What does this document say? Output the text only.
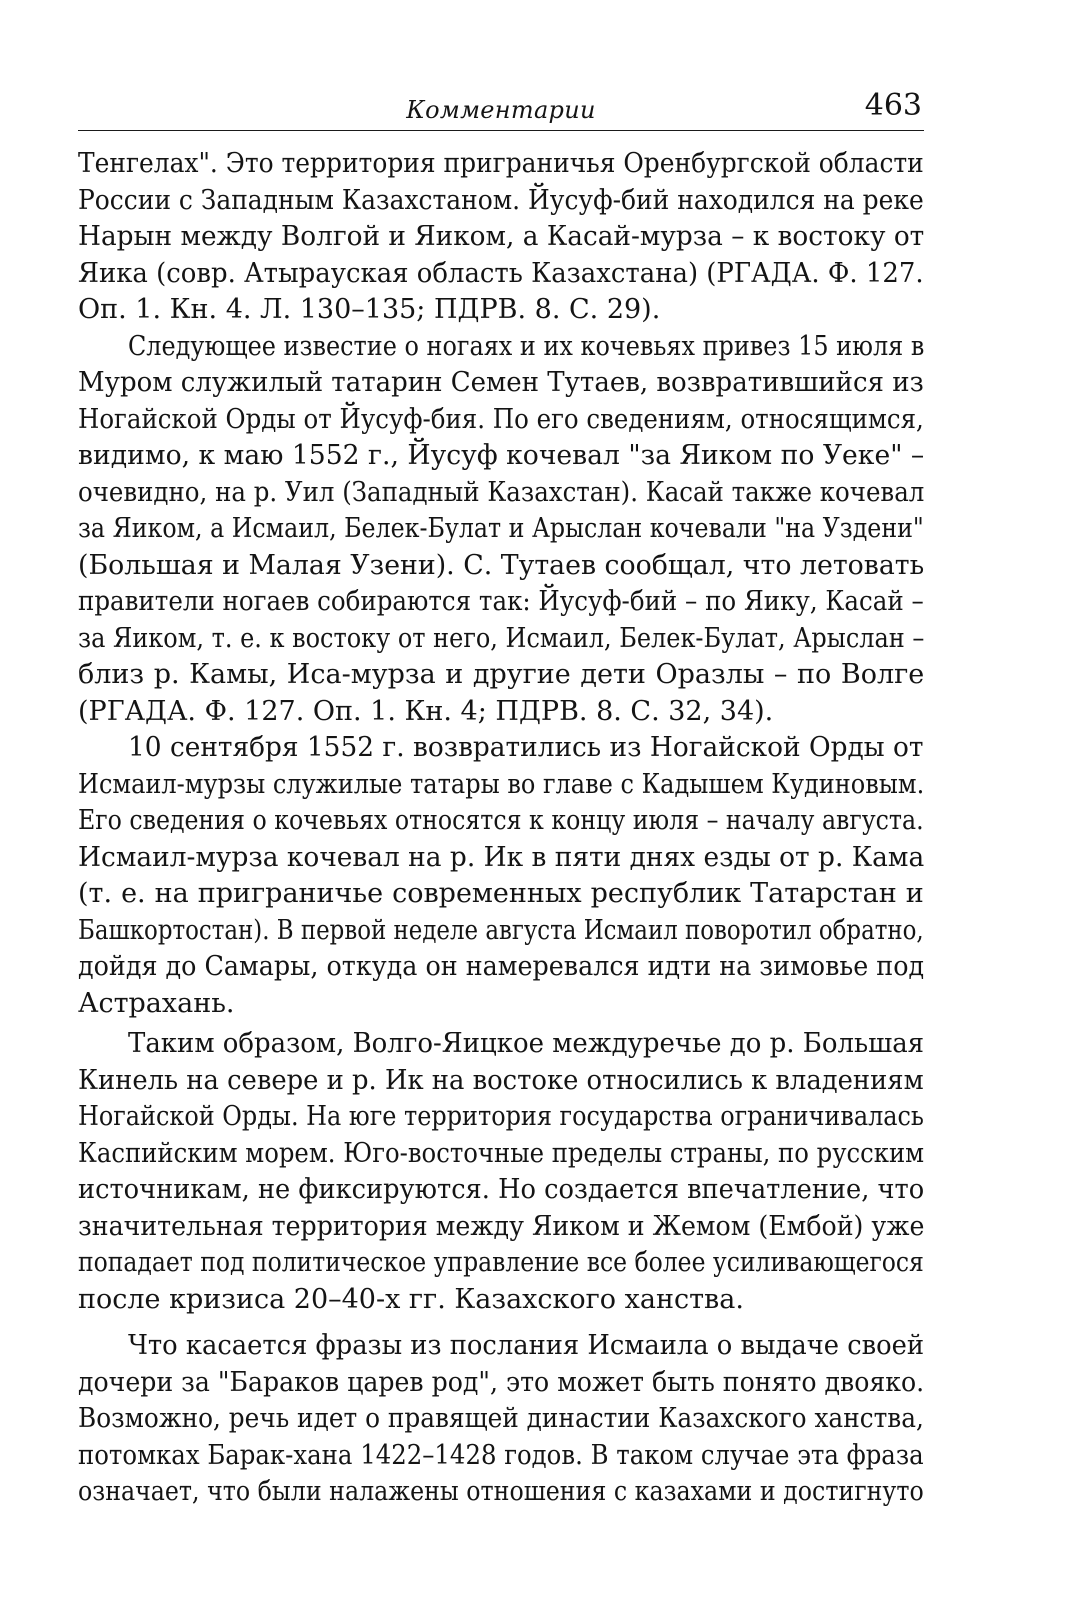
Комментарии	463
Тенгелах". Это территория приграничья Оренбургской области
России с Западным Казахстаном. Йусуф-бий находился на реке
Нарын между Волгой и Яиком, а Касай-мурза – к востоку от
Яика (совр. Атырауская область Казахстана) (РГАДА. Ф. 127.
Оп. 1. Кн. 4. Л. 130–135; ПДРВ. 8. С. 29).
Следующее известие о ногаях и их кочевьях привез 15 июля в
Муром служилый татарин Семен Тутаев, возвратившийся из
Ногайской Орды от Йусуф-бия. По его сведениям, относящимся,
видимо, к маю 1552 г., Йусуф кочевал "за Яиком по Уеке" –
очевидно, на р. Уил (Западный Казахстан). Касай также кочевал
за Яиком, а Исмаил, Белек-Булат и Арыслан кочевали "на Уздени"
(Большая и Малая Узени). С. Тутаев сообщал, что летовать
правители ногаев собираются так: Йусуф-бий – по Яику, Касай –
за Яиком, т. е. к востоку от него, Исмаил, Белек-Булат, Арыслан –
близ р. Камы, Иса-мурза и другие дети Оразлы – по Волге
(РГАДА. Ф. 127. Оп. 1. Кн. 4; ПДРВ. 8. С. 32, 34).
10 сентября 1552 г. возвратились из Ногайской Орды от
Исмаил-мурзы служилые татары во главе с Кадышем Кудиновым.
Его сведения о кочевьях относятся к концу июля – началу августа.
Исмаил-мурза кочевал на р. Ик в пяти днях езды от р. Кама
(т. е. на приграничье современных республик Татарстан и
Башкортостан). В первой неделе августа Исмаил поворотил обратно,
дойдя до Самары, откуда он намеревался идти на зимовье под
Астрахань.
Таким образом, Волго-Яицкое междуречье до р. Большая
Кинель на севере и р. Ик на востоке относились к владениям
Ногайской Орды. На юге территория государства ограничивалась
Каспийским морем. Юго-восточные пределы страны, по русским
источникам, не фиксируются. Но создается впечатление, что
значительная территория между Яиком и Жемом (Ембой) уже
попадает под политическое управление все более усиливающегося
после кризиса 20–40-х гг. Казахского ханства.
Что касается фразы из послания Исмаила о выдаче своей
дочери за "Бараков царев род", это может быть понято двояко.
Возможно, речь идет о правящей династии Казахского ханства,
потомках Барак-хана 1422–1428 годов. В таком случае эта фраза
означает, что были налажены отношения с казахами и достигнуто
